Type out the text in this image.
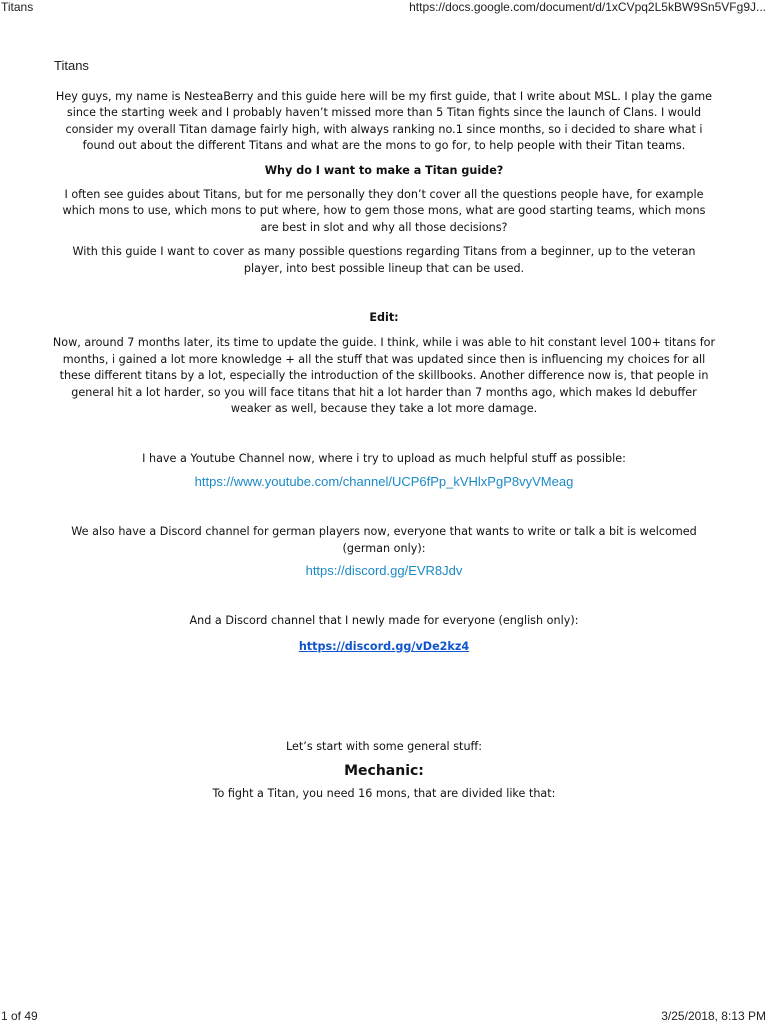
Titans	https://docs.google.com/document/d/1xCVpq2L5kBW9Sn5VFg9J...
Titans

Hey guys, my name is NesteaBerry and this guide here will be my first guide, that I write about MSL. I play the game since the starting week and I probably haven’t missed more than 5 Titan fights since the launch of Clans. I would consider my overall Titan damage fairly high, with always ranking no.1 since months, so i decided to share what i found out about the different Titans and what are the mons to go for, to help people with their Titan teams.

Why do I want to make a Titan guide?

I often see guides about Titans, but for me personally they don’t cover all the questions people have, for example which mons to use, which mons to put where, how to gem those mons, what are good starting teams, which mons are best in slot and why all those decisions?

With this guide I want to cover as many possible questions regarding Titans from a beginner, up to the veteran player, into best possible lineup that can be used.

Edit:

Now, around 7 months later, its time to update the guide. I think, while i was able to hit constant level 100+ titans for months, i gained a lot more knowledge + all the stuff that was updated since then is influencing my choices for all these different titans by a lot, especially the introduction of the skillbooks. Another difference now is, that people in general hit a lot harder, so you will face titans that hit a lot harder than 7 months ago, which makes ld debuffer weaker as well, because they take a lot more damage.

I have a Youtube Channel now, where i try to upload as much helpful stuff as possible:

https://www.youtube.com/channel/UCP6fPp_kVHlxPgP8vyVMeag

We also have a Discord channel for german players now, everyone that wants to write or talk a bit is welcomed (german only):

https://discord.gg/EVR8Jdv

And a Discord channel that I newly made for everyone (english only):

https://discord.gg/vDe2kz4

Let’s start with some general stuff:

Mechanic:

To fight a Titan, you need 16 mons, that are divided like that:

1 of 49	3/25/2018, 8:13 PM
